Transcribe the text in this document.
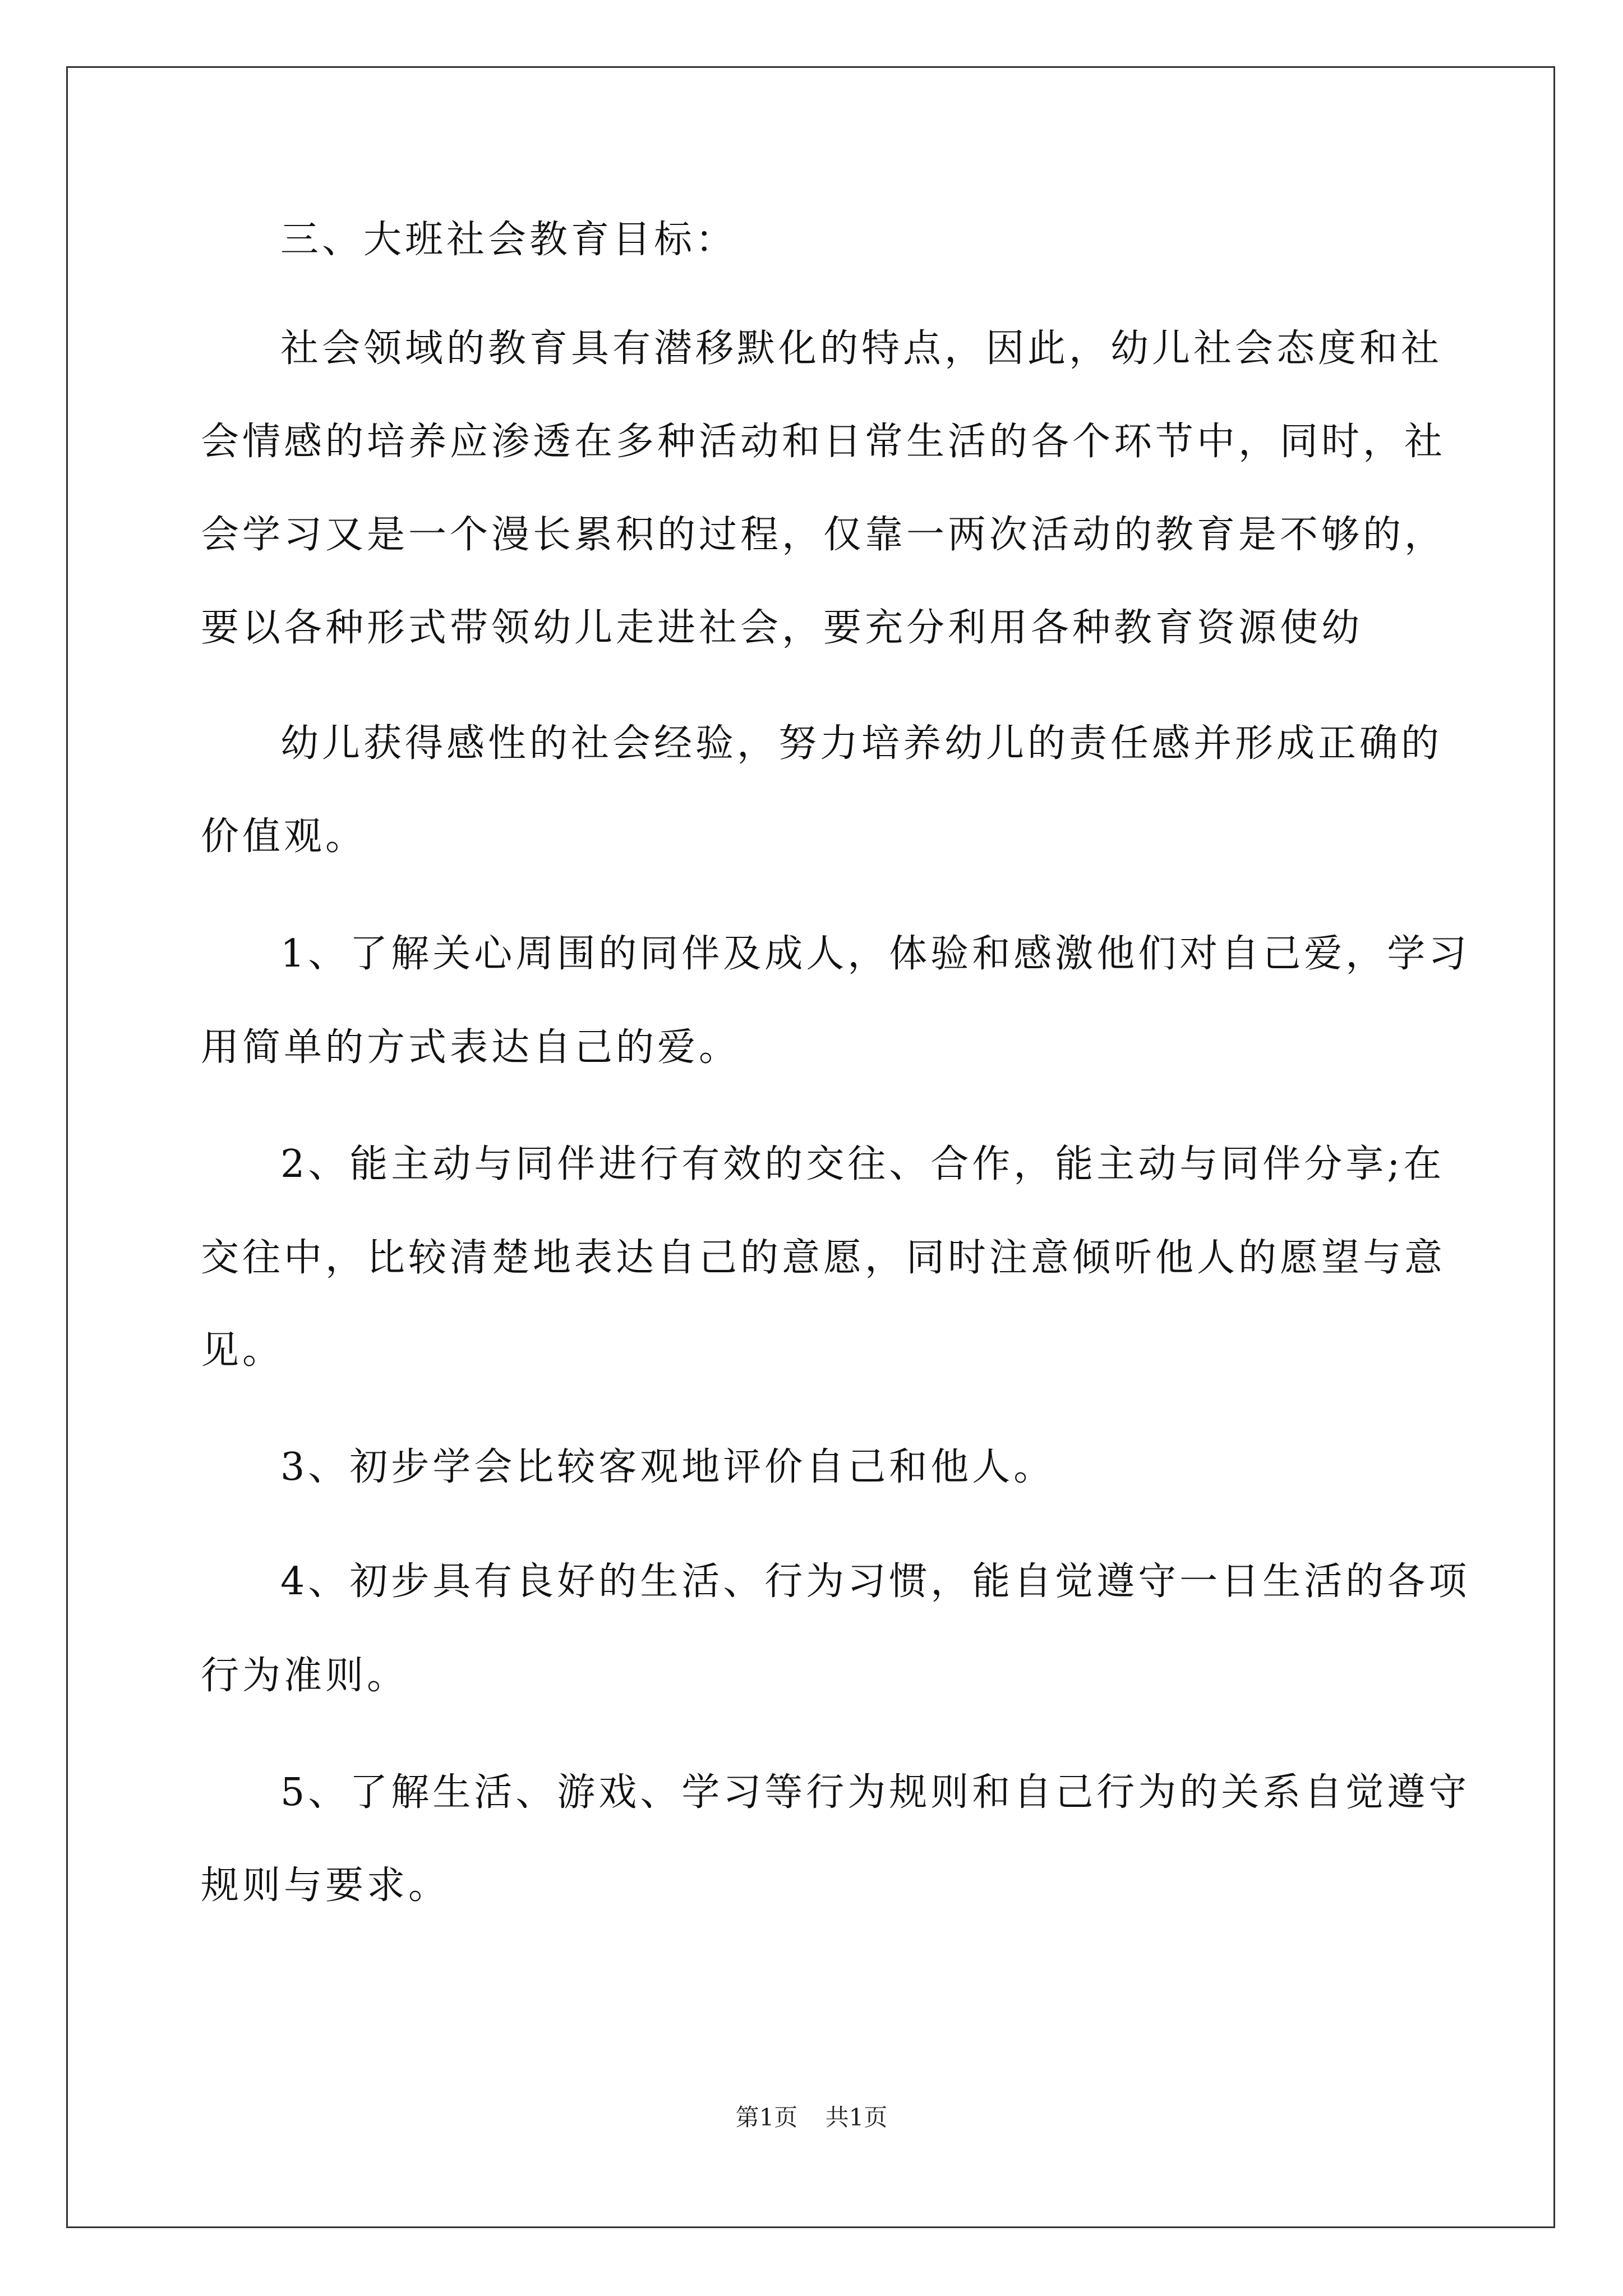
三、大班社会教育目标：
社会领域的教育具有潜移默化的特点，因此，幼儿社会态度和社
会情感的培养应渗透在多种活动和日常生活的各个环节中，同时，社
会学习又是一个漫长累积的过程，仅靠一两次活动的教育是不够的，
要以各种形式带领幼儿走进社会，要充分利用各种教育资源使幼
幼儿获得感性的社会经验，努力培养幼儿的责任感并形成正确的
价值观。
1、了解关心周围的同伴及成人，体验和感激他们对自己爱，学习
用简单的方式表达自己的爱。
2、能主动与同伴进行有效的交往、合作，能主动与同伴分享;在
交往中，比较清楚地表达自己的意愿，同时注意倾听他人的愿望与意
见。
3、初步学会比较客观地评价自己和他人。
4、初步具有良好的生活、行为习惯，能自觉遵守一日生活的各项
行为准则。
5、了解生活、游戏、学习等行为规则和自己行为的关系自觉遵守
规则与要求。
第1页 共1页
